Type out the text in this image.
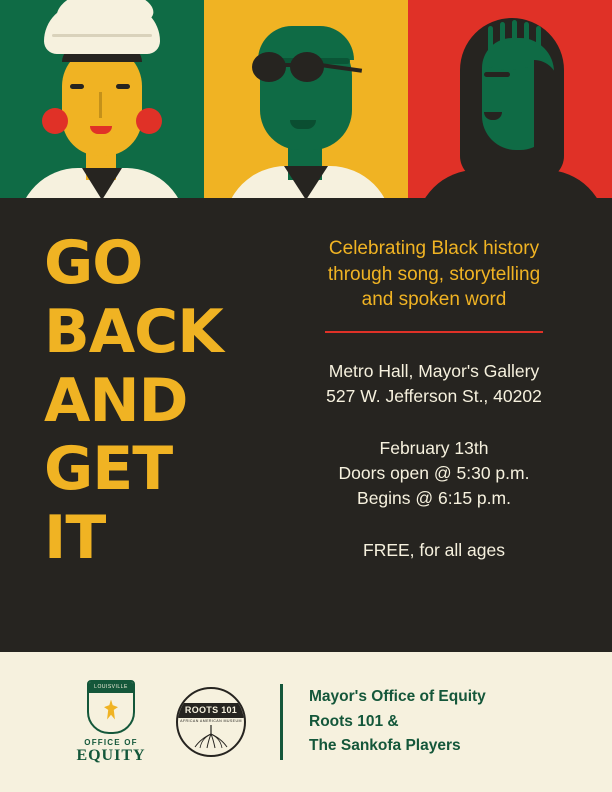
GO
BACK
AND
GET
IT
Celebrating Black history
through song, storytelling
and spoken word
Metro Hall, Mayor's Gallery
527 W. Jefferson St., 40202
February 13th
Doors open @ 5:30 p.m.
Begins @ 6:15 p.m.
FREE, for all ages
LOUISVILLE
OFFICE OF
EQUITY
ROOTS 101
AFRICAN AMERICAN MUSEUM
Mayor's Office of Equity
Roots 101 &
The Sankofa Players
